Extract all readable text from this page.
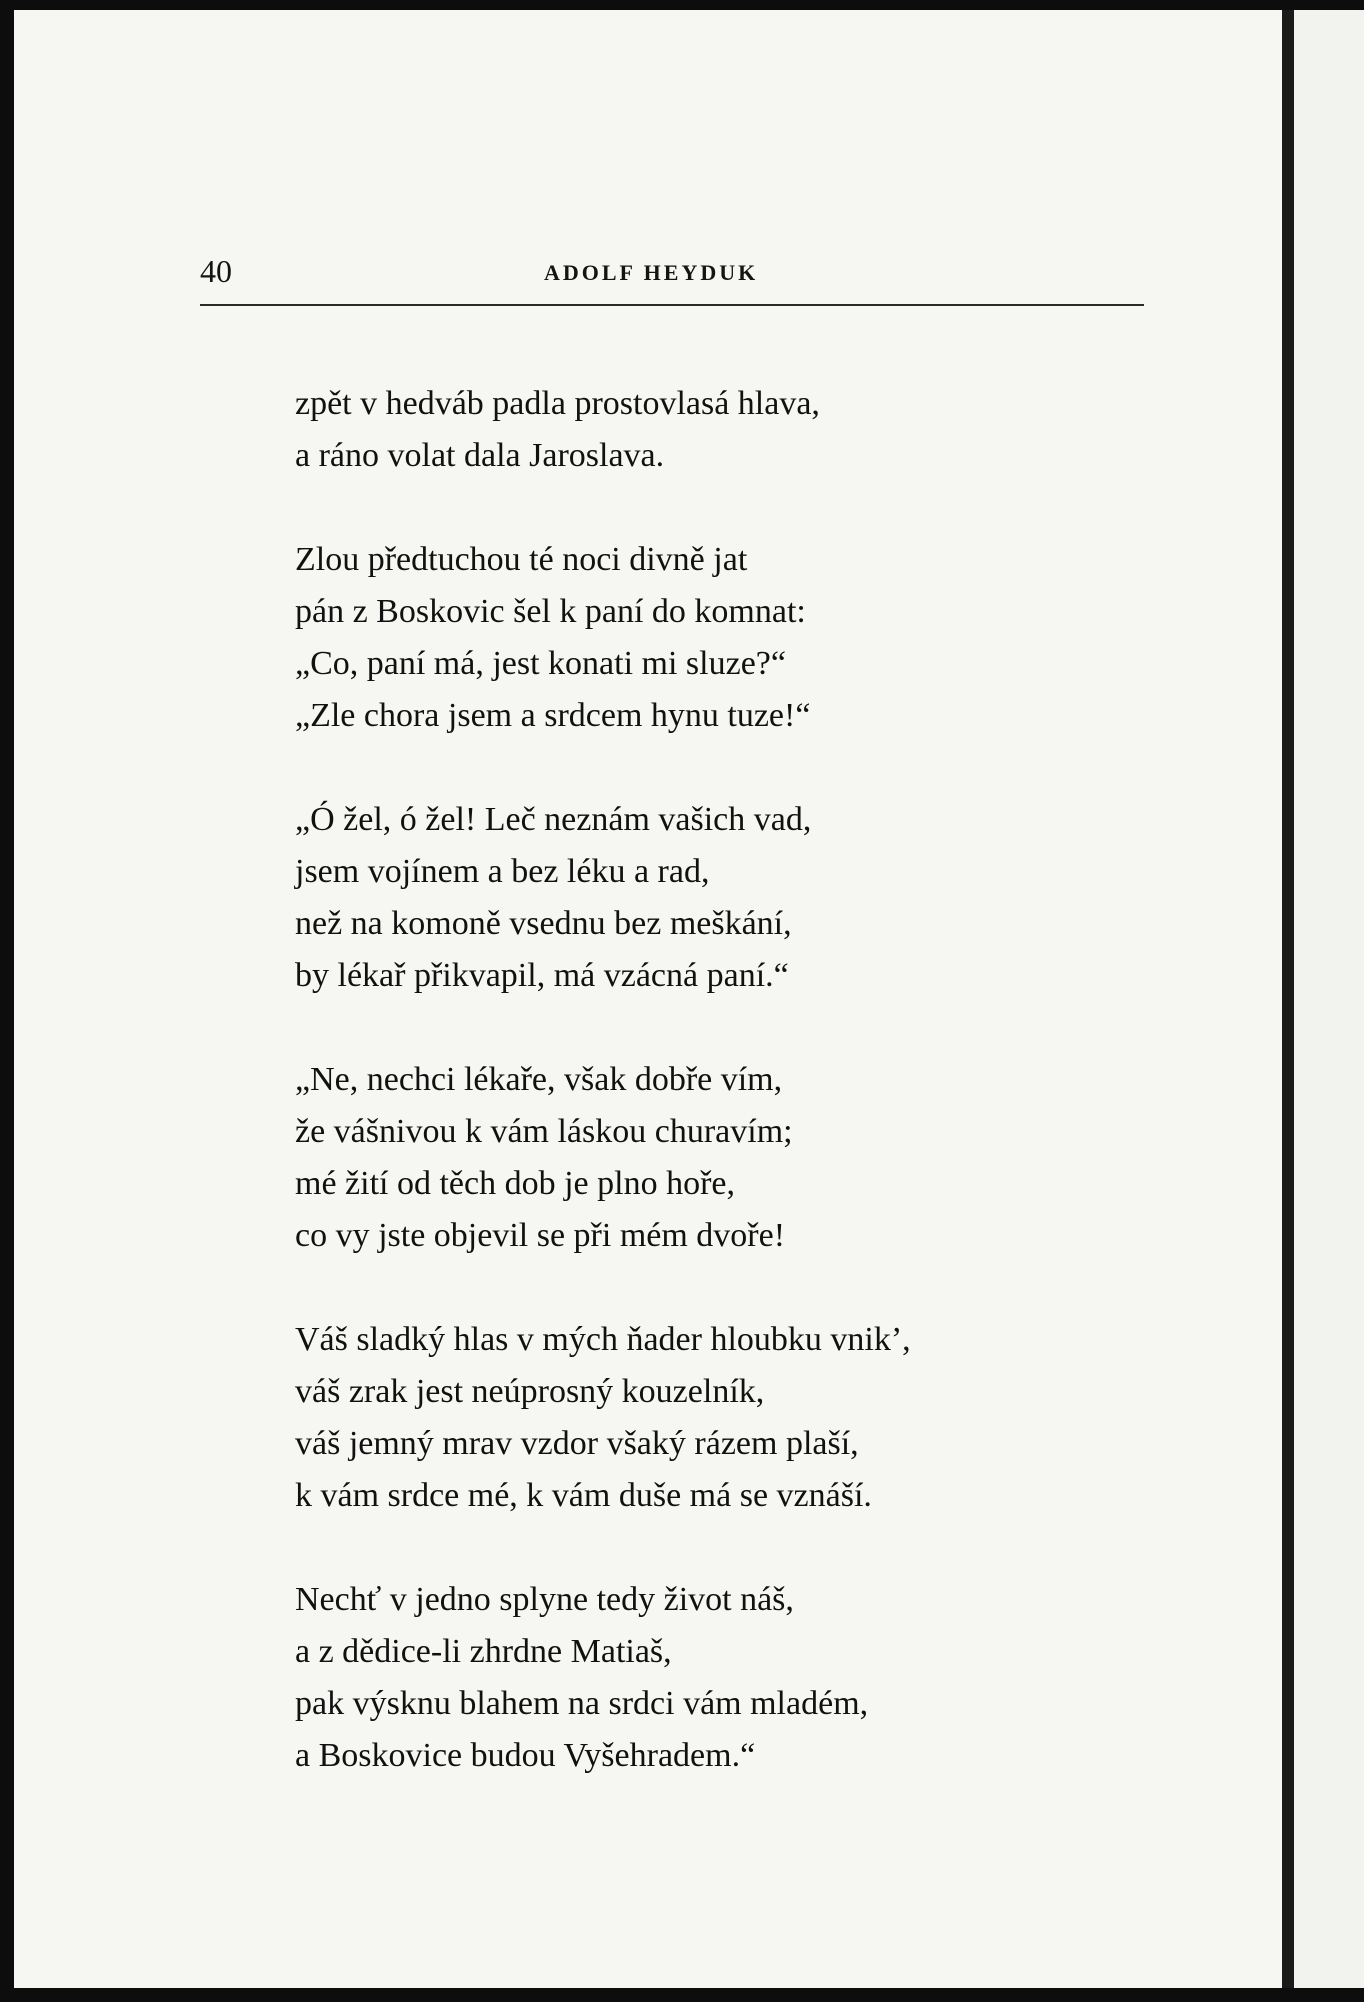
40	ADOLF HEYDUK
zpět v hedváb padla prostovlasá hlava,
a ráno volat dala Jaroslava.
Zlou předtuchou té noci divně jat
pán z Boskovic šel k paní do komnat:
„Co, paní má, jest konati mi sluze?“
„Zle chora jsem a srdcem hynu tuze!“
„Ó žel, ó žel! Leč neznám vašich vad,
jsem vojínem a bez léku a rad,
než na komoně vsednu bez meškání,
by lékař přikvapil, má vzácná paní.“
„Ne, nechci lékaře, však dobře vím,
že vášnivou k vám láskou churavím;
mé žití od těch dob je plno hoře,
co vy jste objevil se při mém dvoře!
Váš sladký hlas v mých ňader hloubku vnik’,
váš zrak jest neúprosný kouzelník,
váš jemný mrav vzdor všaký rázem plaší,
k vám srdce mé, k vám duše má se vznáší.
Nechť v jedno splyne tedy život náš,
a z dědice-li zhrdne Matiaš,
pak výsknu blahem na srdci vám mladém,
a Boskovice budou Vyšehradem.“
